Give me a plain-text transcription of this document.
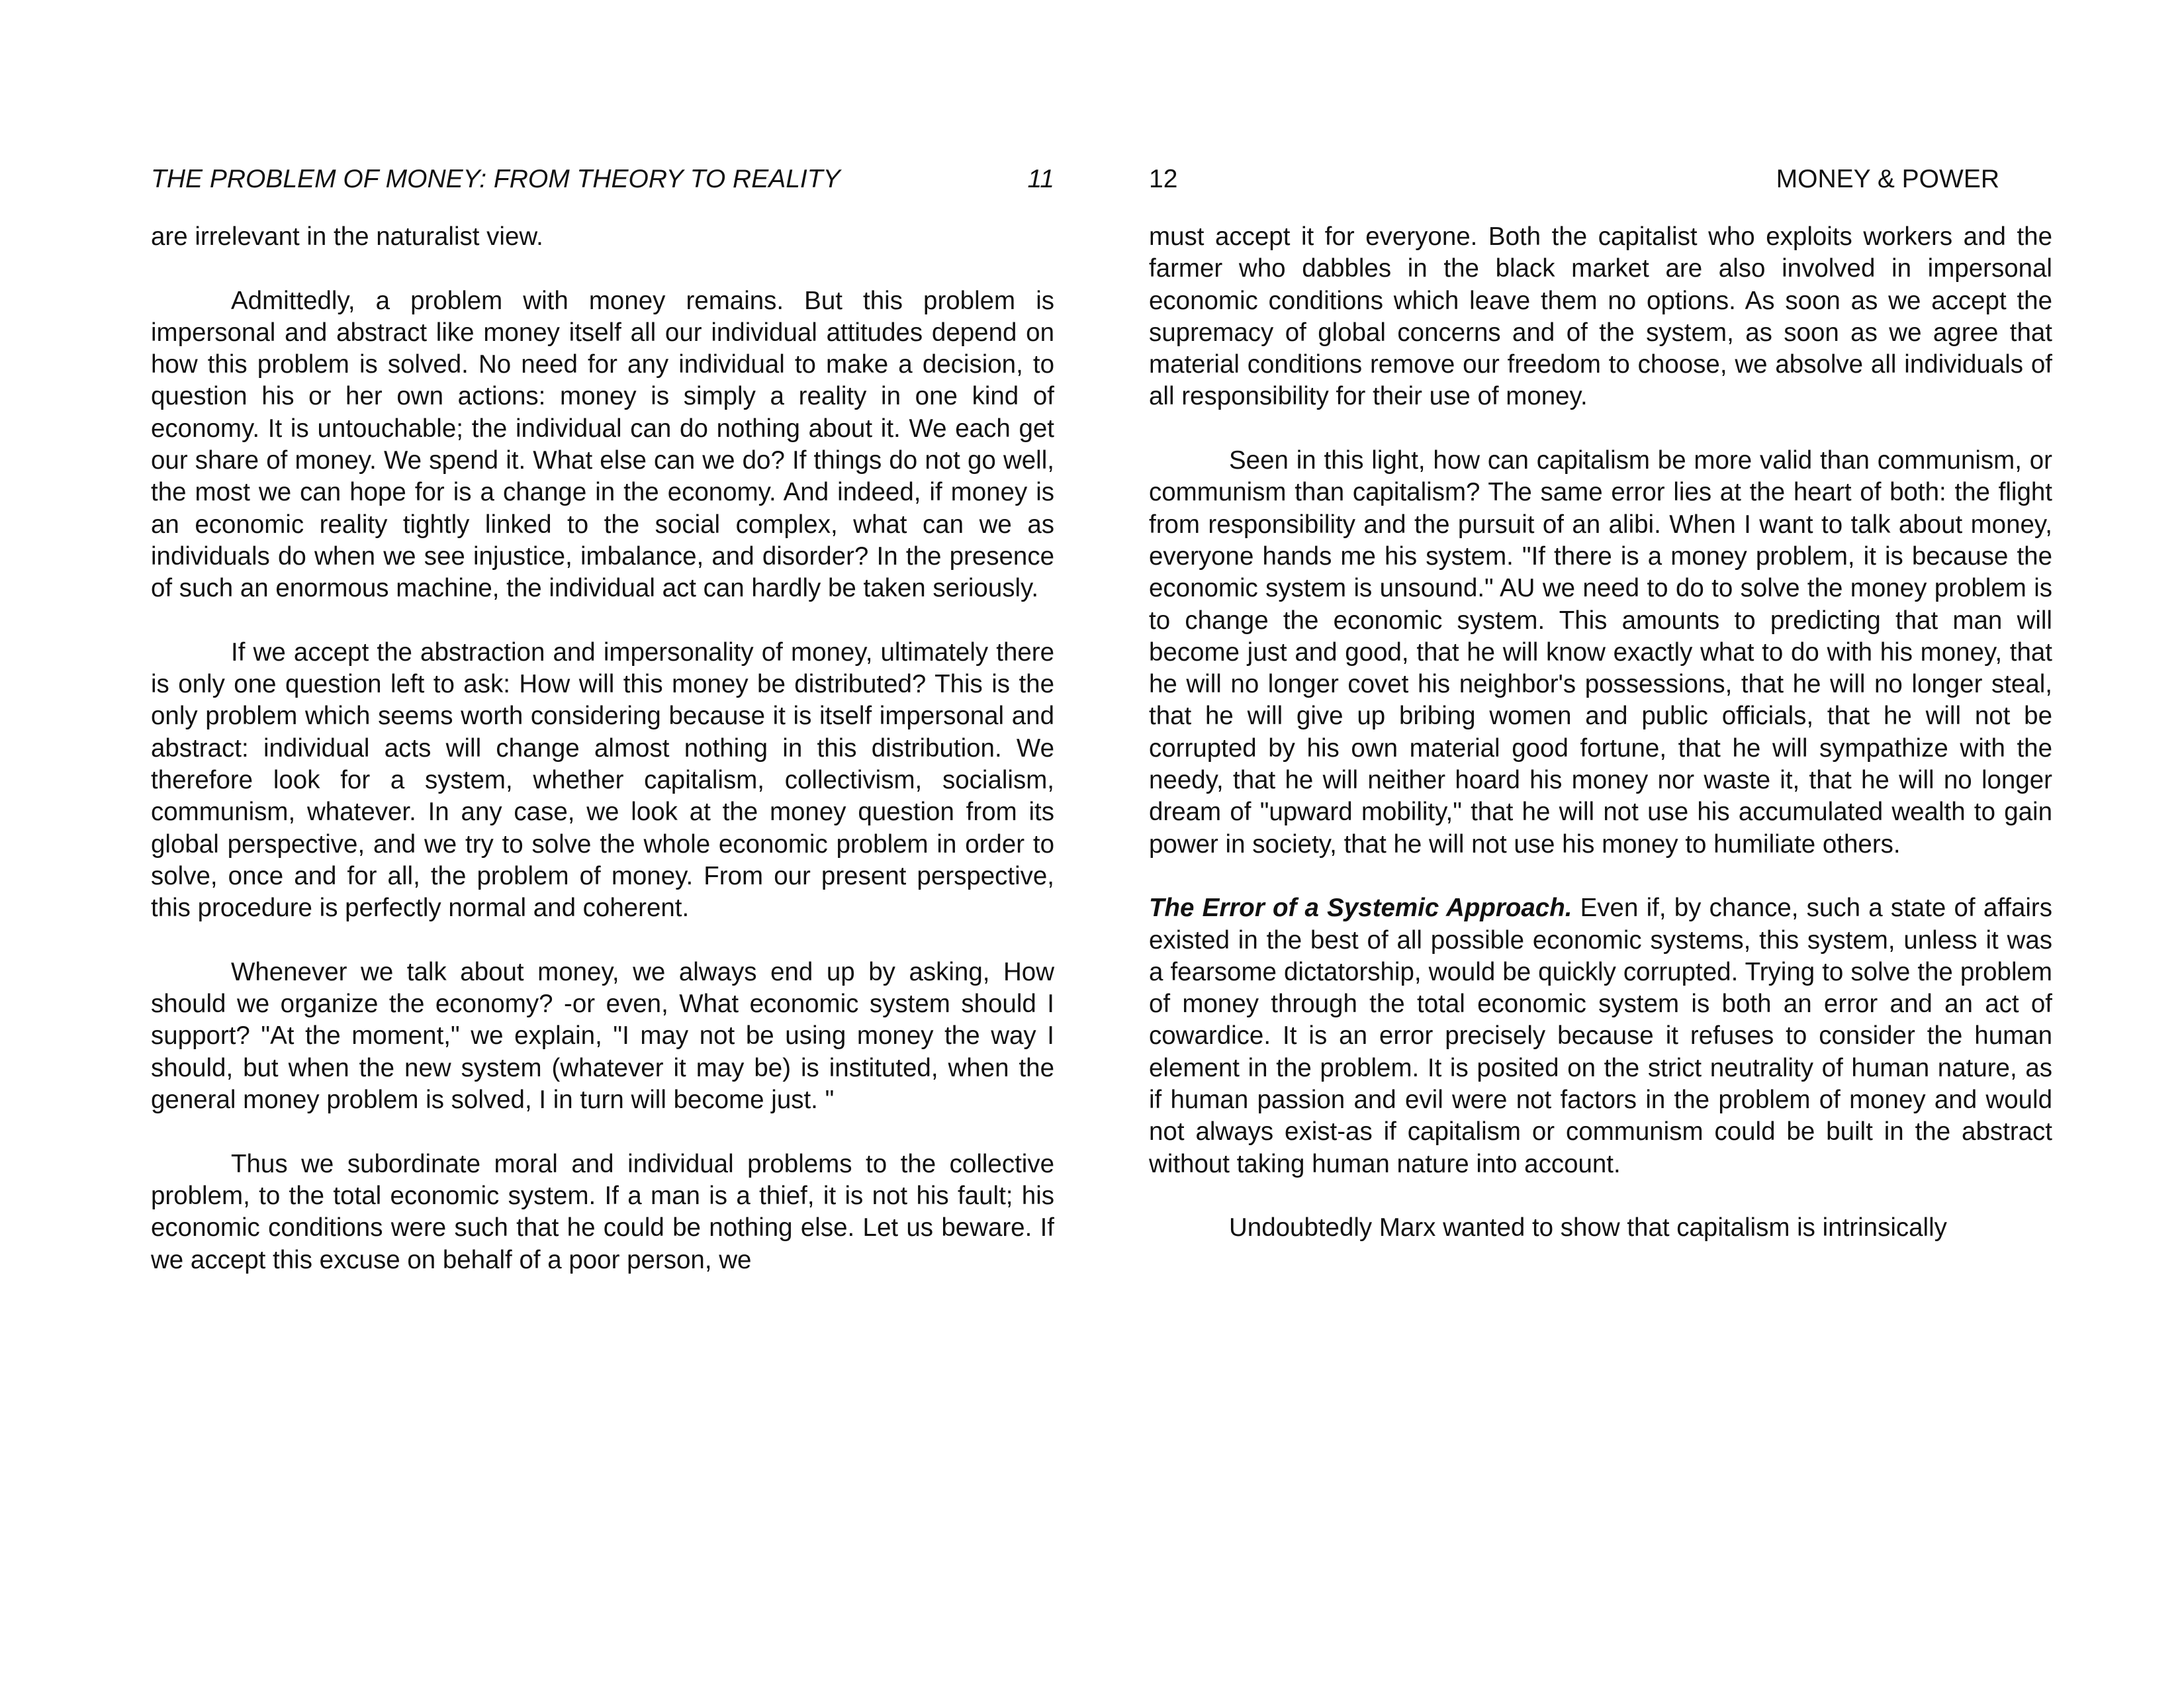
THE PROBLEM OF MONEY: FROM THEORY TO REALITY	11

are irrelevant in the naturalist view.

Admittedly, a problem with money remains. But this problem is impersonal and abstract like money itself all our individual attitudes depend on how this problem is solved. No need for any individual to make a decision, to question his or her own actions: money is simply a reality in one kind of economy. It is untouchable; the individual can do nothing about it. We each get our share of money. We spend it. What else can we do? If things do not go well, the most we can hope for is a change in the economy. And indeed, if money is an economic reality tightly linked to the social complex, what can we as individuals do when we see injustice, imbalance, and disorder? In the presence of such an enormous machine, the individual act can hardly be taken seriously.

If we accept the abstraction and impersonality of money, ultimately there is only one question left to ask: How will this money be distributed? This is the only problem which seems worth considering because it is itself impersonal and abstract: individual acts will change almost nothing in this distribution. We therefore look for a system, whether capitalism, collectivism, socialism, communism, whatever. In any case, we look at the money question from its global perspective, and we try to solve the whole economic problem in order to solve, once and for all, the problem of money. From our present perspective, this procedure is perfectly normal and coherent.

Whenever we talk about money, we always end up by asking, How should we organize the economy? -or even, What economic system should I support? "At the moment," we explain, "I may not be using money the way I should, but when the new system (whatever it may be) is instituted, when the general money problem is solved, I in turn will become just. "

Thus we subordinate moral and individual problems to the collective problem, to the total economic system. If a man is a thief, it is not his fault; his economic conditions were such that he could be nothing else. Let us beware. If we accept this excuse on behalf of a poor person, we

12	MONEY & POWER

must accept it for everyone. Both the capitalist who exploits workers and the farmer who dabbles in the black market are also involved in impersonal economic conditions which leave them no options. As soon as we accept the supremacy of global concerns and of the system, as soon as we agree that material conditions remove our freedom to choose, we absolve all individuals of all responsibility for their use of money.

Seen in this light, how can capitalism be more valid than communism, or communism than capitalism? The same error lies at the heart of both: the flight from responsibility and the pursuit of an alibi. When I want to talk about money, everyone hands me his system. "If there is a money problem, it is because the economic system is unsound." AU we need to do to solve the money problem is to change the economic system. This amounts to predicting that man will become just and good, that he will know exactly what to do with his money, that he will no longer covet his neighbor's possessions, that he will no longer steal, that he will give up bribing women and public officials, that he will not be corrupted by his own material good fortune, that he will sympathize with the needy, that he will neither hoard his money nor waste it, that he will no longer dream of "upward mobility," that he will not use his accumulated wealth to gain power in society, that he will not use his money to humiliate others.

The Error of a Systemic Approach. Even if, by chance, such a state of affairs existed in the best of all possible economic systems, this system, unless it was a fearsome dictatorship, would be quickly corrupted. Trying to solve the problem of money through the total economic system is both an error and an act of cowardice. It is an error precisely because it refuses to consider the human element in the problem. It is posited on the strict neutrality of human nature, as if human passion and evil were not factors in the problem of money and would not always exist-as if capitalism or communism could be built in the abstract without taking human nature into account.

Undoubtedly Marx wanted to show that capitalism is intrinsically
